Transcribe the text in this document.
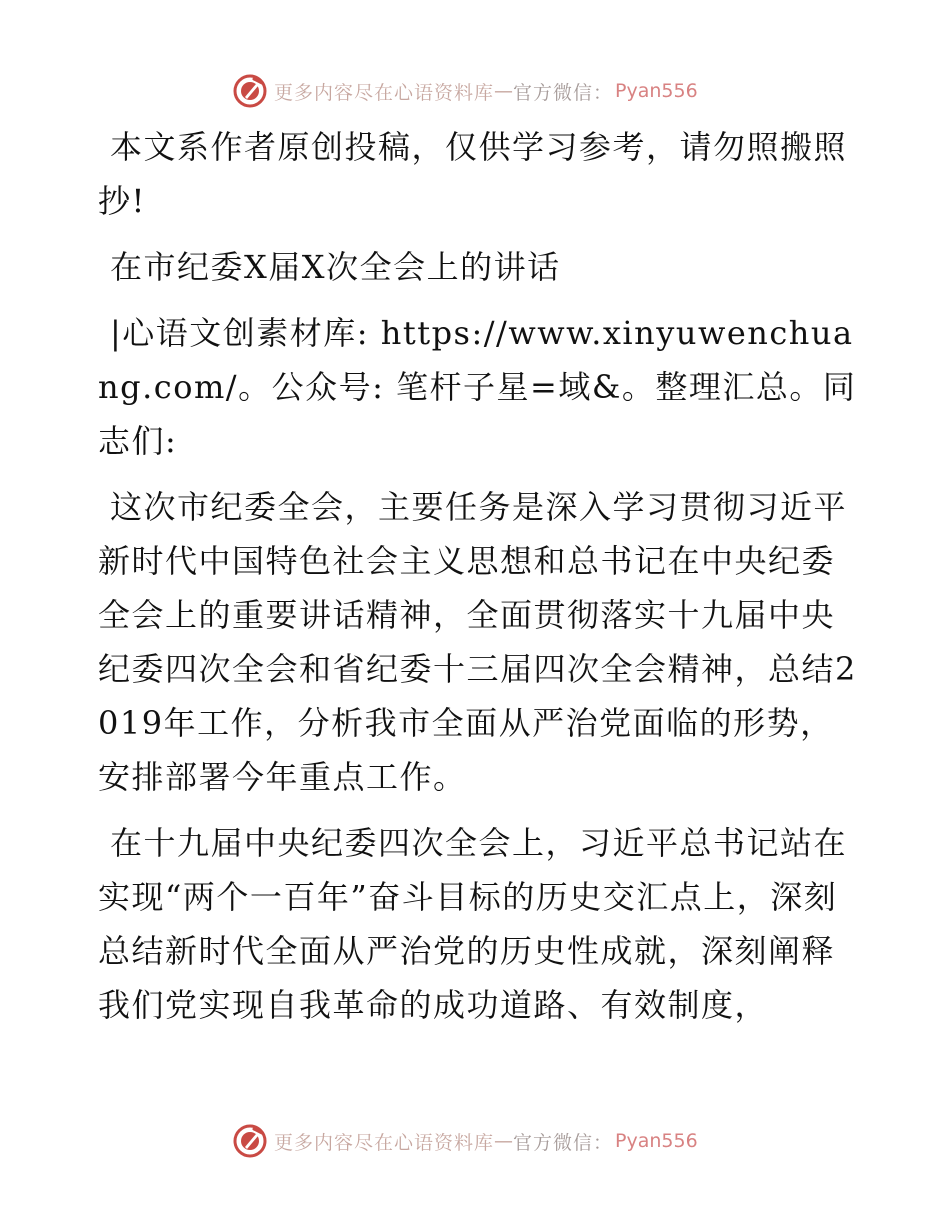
更多内容尽在心语资料库 — 官方微信： Pyan556

本文系作者原创投稿，仅供学习参考，请勿照搬照抄!

在市纪委X届X次全会上的讲话

|心语文创素材库: https://www.xinyuwenchuang.com/。公众号: 笔杆子星=域&。整理汇总。同志们:

这次市纪委全会，主要任务是深入学习贯彻习近平新时代中国特色社会主义思想和总书记在中央纪委全会上的重要讲话精神，全面贯彻落实十九届中央纪委四次全会和省纪委十三届四次全会精神，总结2019年工作，分析我市全面从严治党面临的形势，安排部署今年重点工作。

在十九届中央纪委四次全会上，习近平总书记站在实现“两个一百年”奋斗目标的历史交汇点上，深刻总结新时代全面从严治党的历史性成就，深刻阐释我们党实现自我革命的成功道路、有效制度，

更多内容尽在心语资料库 — 官方微信： Pyan556
